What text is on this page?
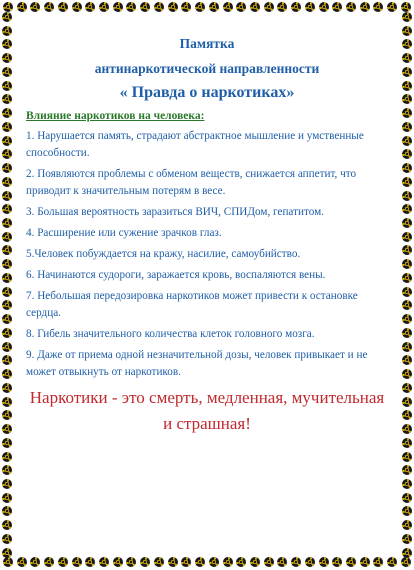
Памятка
антинаркотической направленности
« Правда о наркотиках»
Влияние наркотиков на человека:
1. Нарушается память, страдают абстрактное мышление и умственные способности.
2. Появляются проблемы с обменом веществ, снижается аппетит, что приводит к значительным потерям в весе.
3. Большая вероятность заразиться ВИЧ, СПИДом, гепатитом.
4. Расширение или сужение зрачков глаз.
5.Человек побуждается на кражу, насилие, самоубийство.
6. Начинаются судороги, заражается кровь, воспаляются вены.
7. Небольшая передозировка наркотиков может привести к остановке сердца.
8. Гибель значительного количества клеток головного мозга.
9. Даже от приема одной незначительной дозы, человек привыкает и не может отвыкнуть от наркотиков.
Наркотики - это смерть, медленная, мучительная и страшная!
